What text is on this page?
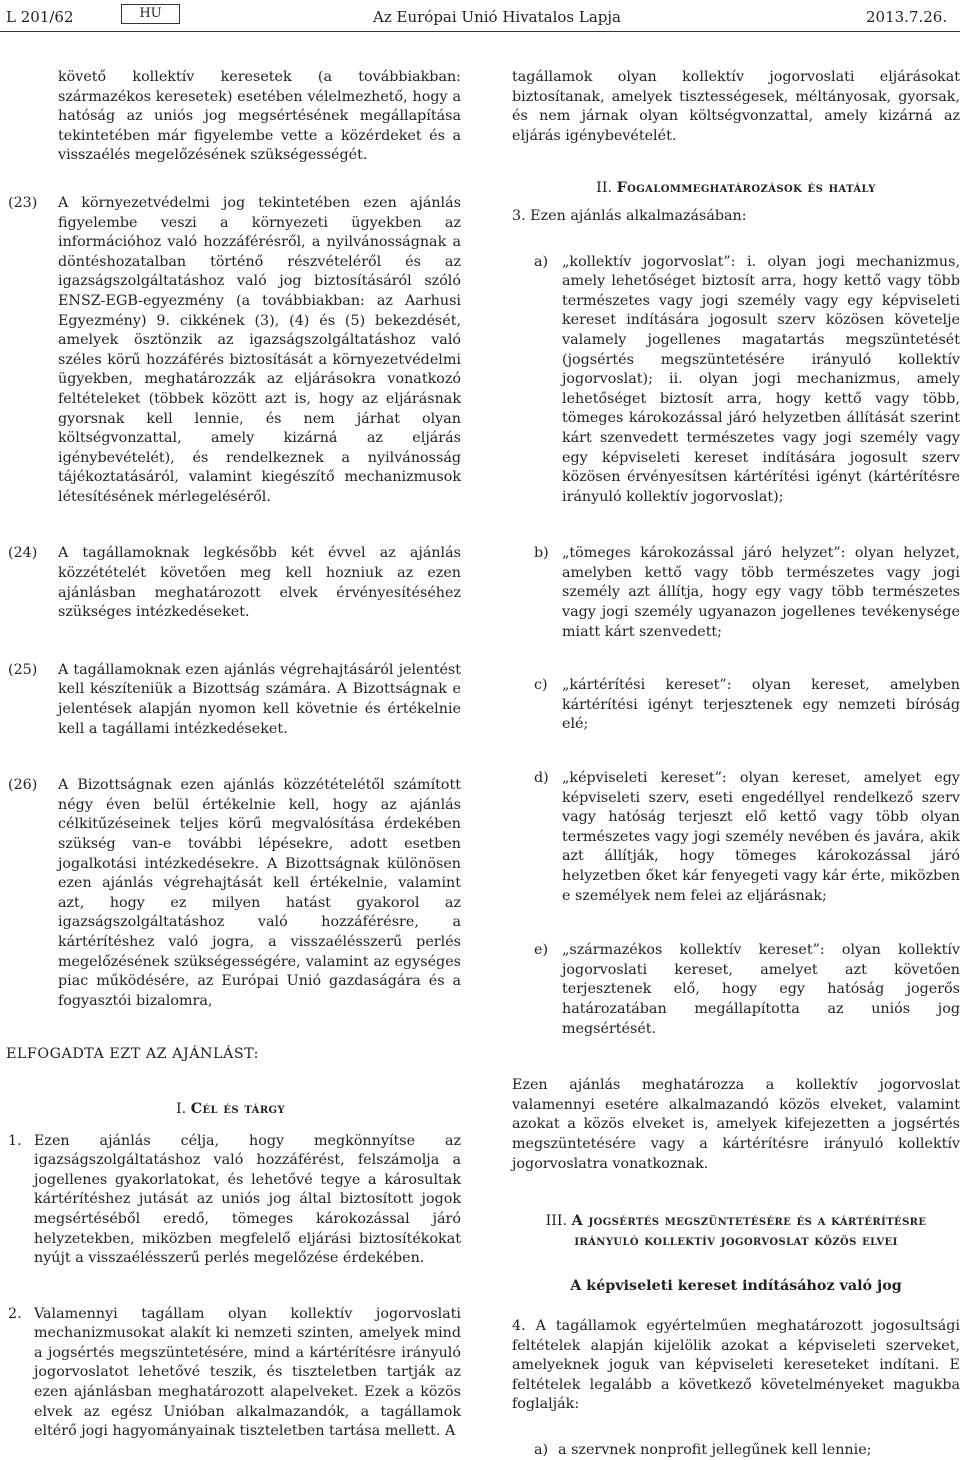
L 201/62	HU	Az Európai Unió Hivatalos Lapja	2013.7.26.

követő kollektív keresetek (a továbbiakban: származékos keresetek) esetében vélelmezhető, hogy a hatóság az uniós jog megsértésének megállapítása tekintetében már figyelembe vette a közérdeket és a visszaélés megelőzésének szükségességét.

(23) A környezetvédelmi jog tekintetében ezen ajánlás figyelembe veszi a környezeti ügyekben az információhoz való hozzáférésről, a nyilvánosságnak a döntéshozatalban történő részvételéről és az igazságszolgáltatáshoz való jog biztosításáról szóló ENSZ-EGB-egyezmény (a továbbiakban: az Aarhusi Egyezmény) 9. cikkének (3), (4) és (5) bekezdését, amelyek ösztönzik az igazságszolgáltatáshoz való széles körű hozzáférés biztosítását a környezetvédelmi ügyekben, meghatározzák az eljárásokra vonatkozó feltételeket (többek között azt is, hogy az eljárásnak gyorsnak kell lennie, és nem járhat olyan költségvonzattal, amely kizárná az eljárás igénybevételét), és rendelkeznek a nyilvánosság tájékoztatásáról, valamint kiegészítő mechanizmusok létesítésének mérlegeléséről.
(24) A tagállamoknak legkésőbb két évvel az ajánlás közzétételét követően meg kell hozniuk az ezen ajánlásban meghatározott elvek érvényesítéséhez szükséges intézkedéseket.
(25) A tagállamoknak ezen ajánlás végrehajtásáról jelentést kell készíteniük a Bizottság számára. A Bizottságnak e jelentések alapján nyomon kell követnie és értékelnie kell a tagállami intézkedéseket.
(26) A Bizottságnak ezen ajánlás közzétételétől számított négy éven belül értékelnie kell, hogy az ajánlás célkitűzéseinek teljes körű megvalósítása érdekében szükség van-e további lépésekre, adott esetben jogalkotási intézkedésekre. A Bizottságnak különösen ezen ajánlás végrehajtását kell értékelnie, valamint azt, hogy ez milyen hatást gyakorol az igazságszolgáltatáshoz való hozzáférésre, a kártérítéshez való jogra, a visszaélésszerű perlés megelőzésének szükségességére, valamint az egységes piac működésére, az Európai Unió gazdaságára és a fogyasztói bizalomra,

ELFOGADTA EZT AZ AJÁNLÁST:

I. Cél és tárgy

1. Ezen ajánlás célja, hogy megkönnyítse az igazságszolgáltatáshoz való hozzáférést, felszámolja a jogellenes gyakorlatokat, és lehetővé tegye a károsultak kártérítéshez jutását az uniós jog által biztosított jogok megsértéséből eredő, tömeges károkozással járó helyzetekben, miközben megfelelő eljárási biztosítékokat nyújt a visszaélésszerű perlés megelőzése érdekében.
2. Valamennyi tagállam olyan kollektív jogorvoslati mechanizmusokat alakít ki nemzeti szinten, amelyek mind a jogsértés megszüntetésére, mind a kártérítésre irányuló jogorvoslatot lehetővé teszik, és tiszteletben tartják az ezen ajánlásban meghatározott alapelveket. Ezek a közös elvek az egész Unióban alkalmazandók, a tagállamok eltérő jogi hagyományainak tiszteletben tartása mellett. A

tagállamok olyan kollektív jogorvoslati eljárásokat biztosítanak, amelyek tisztességesek, méltányosak, gyorsak, és nem járnak olyan költségvonzattal, amely kizárná az eljárás igénybevételét.

II. Fogalommeghatározások és hatály

3. Ezen ajánlás alkalmazásában:

a) „kollektív jogorvoslat”: i. olyan jogi mechanizmus, amely lehetőséget biztosít arra, hogy kettő vagy több természetes vagy jogi személy vagy egy képviseleti kereset indítására jogosult szerv közösen követelje valamely jogellenes magatartás megszüntetését (jogsértés megszüntetésére irányuló kollektív jogorvoslat); ii. olyan jogi mechanizmus, amely lehetőséget biztosít arra, hogy kettő vagy több, tömeges károkozással járó helyzetben állítását szerint kárt szenvedett természetes vagy jogi személy vagy egy képviseleti kereset indítására jogosult szerv közösen érvényesítsen kártérítési igényt (kártérítésre irányuló kollektív jogorvoslat);
b) „tömeges károkozással járó helyzet”: olyan helyzet, amelyben kettő vagy több természetes vagy jogi személy azt állítja, hogy egy vagy több természetes vagy jogi személy ugyanazon jogellenes tevékenysége miatt kárt szenvedett;
c) „kártérítési kereset”: olyan kereset, amelyben kártérítési igényt terjesztenek egy nemzeti bíróság elé;
d) „képviseleti kereset”: olyan kereset, amelyet egy képviseleti szerv, eseti engedéllyel rendelkező szerv vagy hatóság terjeszt elő kettő vagy több olyan természetes vagy jogi személy nevében és javára, akik azt állítják, hogy tömeges károkozással járó helyzetben őket kár fenyegeti vagy kár érte, miközben e személyek nem felei az eljárásnak;
e) „származékos kollektív kereset”: olyan kollektív jogorvoslati kereset, amelyet azt követően terjesztenek elő, hogy egy hatóság jogerős határozatában megállapította az uniós jog megsértését.

Ezen ajánlás meghatározza a kollektív jogorvoslat valamennyi esetére alkalmazandó közös elveket, valamint azokat a közös elveket is, amelyek kifejezetten a jogsértés megszüntetésére vagy a kártérítésre irányuló kollektív jogorvoslatra vonatkoznak.

III. A jogsértés megszüntetésére és a kártérítésre irányuló kollektív jogorvoslat közös elvei

A képviseleti kereset indításához való jog

4. A tagállamok egyértelműen meghatározott jogosultsági feltételek alapján kijelölik azokat a képviseleti szerveket, amelyeknek joguk van képviseleti kereseteket indítani. E feltételek legalább a következő követelményeket magukba foglalják:

a) a szervnek nonprofit jellegűnek kell lennie;
